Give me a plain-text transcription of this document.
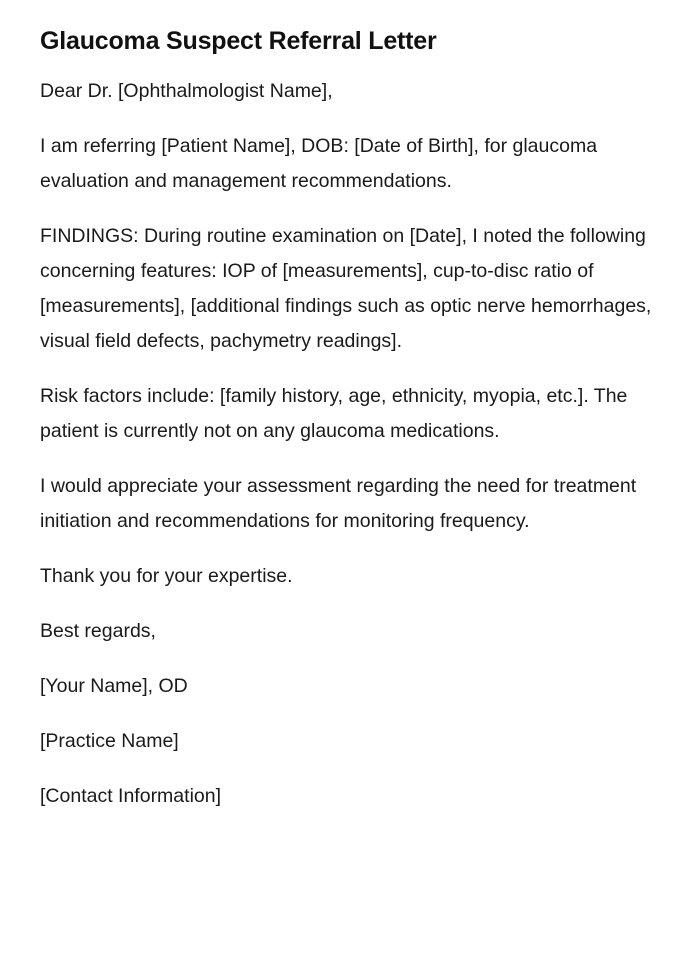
Glaucoma Suspect Referral Letter

Dear Dr. [Ophthalmologist Name],

I am referring [Patient Name], DOB: [Date of Birth], for glaucoma evaluation and management recommendations.

FINDINGS: During routine examination on [Date], I noted the following concerning features: IOP of [measurements], cup-to-disc ratio of [measurements], [additional findings such as optic nerve hemorrhages, visual field defects, pachymetry readings].

Risk factors include: [family history, age, ethnicity, myopia, etc.]. The patient is currently not on any glaucoma medications.

I would appreciate your assessment regarding the need for treatment initiation and recommendations for monitoring frequency.

Thank you for your expertise.

Best regards,

[Your Name], OD

[Practice Name]

[Contact Information]
